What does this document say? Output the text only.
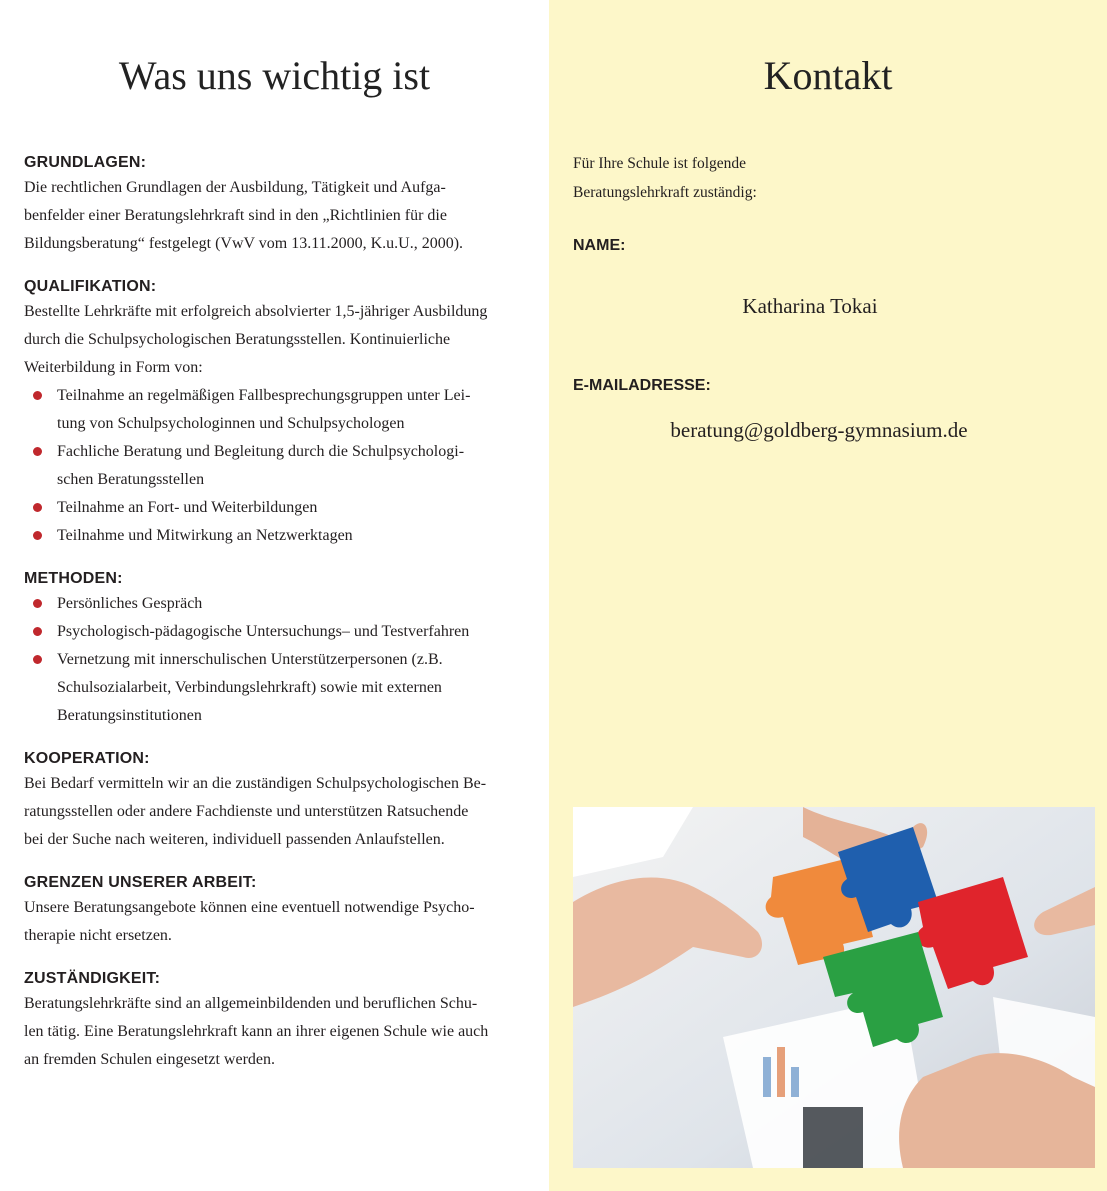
Was uns wichtig ist
GRUNDLAGEN:
Die rechtlichen Grundlagen der Ausbildung, Tätigkeit und Aufga-
benfelder einer Beratungslehrkraft sind in den „Richtlinien für die
Bildungsberatung“ festgelegt (VwV vom 13.11.2000, K.u.U., 2000).
QUALIFIKATION:
Bestellte Lehrkräfte mit erfolgreich absolvierter 1,5-jähriger Ausbildung
durch die Schulpsychologischen Beratungsstellen. Kontinuierliche
Weiterbildung in Form von:
Teilnahme an regelmäßigen Fallbesprechungsgruppen unter Lei-
tung von Schulpsychologinnen und Schulpsychologen
Fachliche Beratung und Begleitung durch die Schulpsychologi-
schen Beratungsstellen
Teilnahme an Fort- und Weiterbildungen
Teilnahme und Mitwirkung an Netzwerktagen
METHODEN:
Persönliches Gespräch
Psychologisch-pädagogische Untersuchungs– und Testverfahren
Vernetzung mit innerschulischen Unterstützerpersonen (z.B.
Schulsozialarbeit, Verbindungslehrkraft) sowie mit externen
Beratungsinstitutionen
KOOPERATION:
Bei Bedarf vermitteln wir an die zuständigen Schulpsychologischen Be-
ratungsstellen oder andere Fachdienste und unterstützen Ratsuchende
bei der Suche nach weiteren, individuell passenden Anlaufstellen.
GRENZEN UNSERER ARBEIT:
Unsere Beratungsangebote können eine eventuell notwendige Psycho-
therapie nicht ersetzen.
ZUSTÄNDIGKEIT:
Beratungslehrkräfte sind an allgemeinbildenden und beruflichen Schu-
len tätig. Eine Beratungslehrkraft kann an ihrer eigenen Schule wie auch
an fremden Schulen eingesetzt werden.
Kontakt
Für Ihre Schule ist folgende
Beratungslehrkraft zuständig:
NAME:
Katharina Tokai
E-MAILADRESSE:
beratung@goldberg-gymnasium.de
